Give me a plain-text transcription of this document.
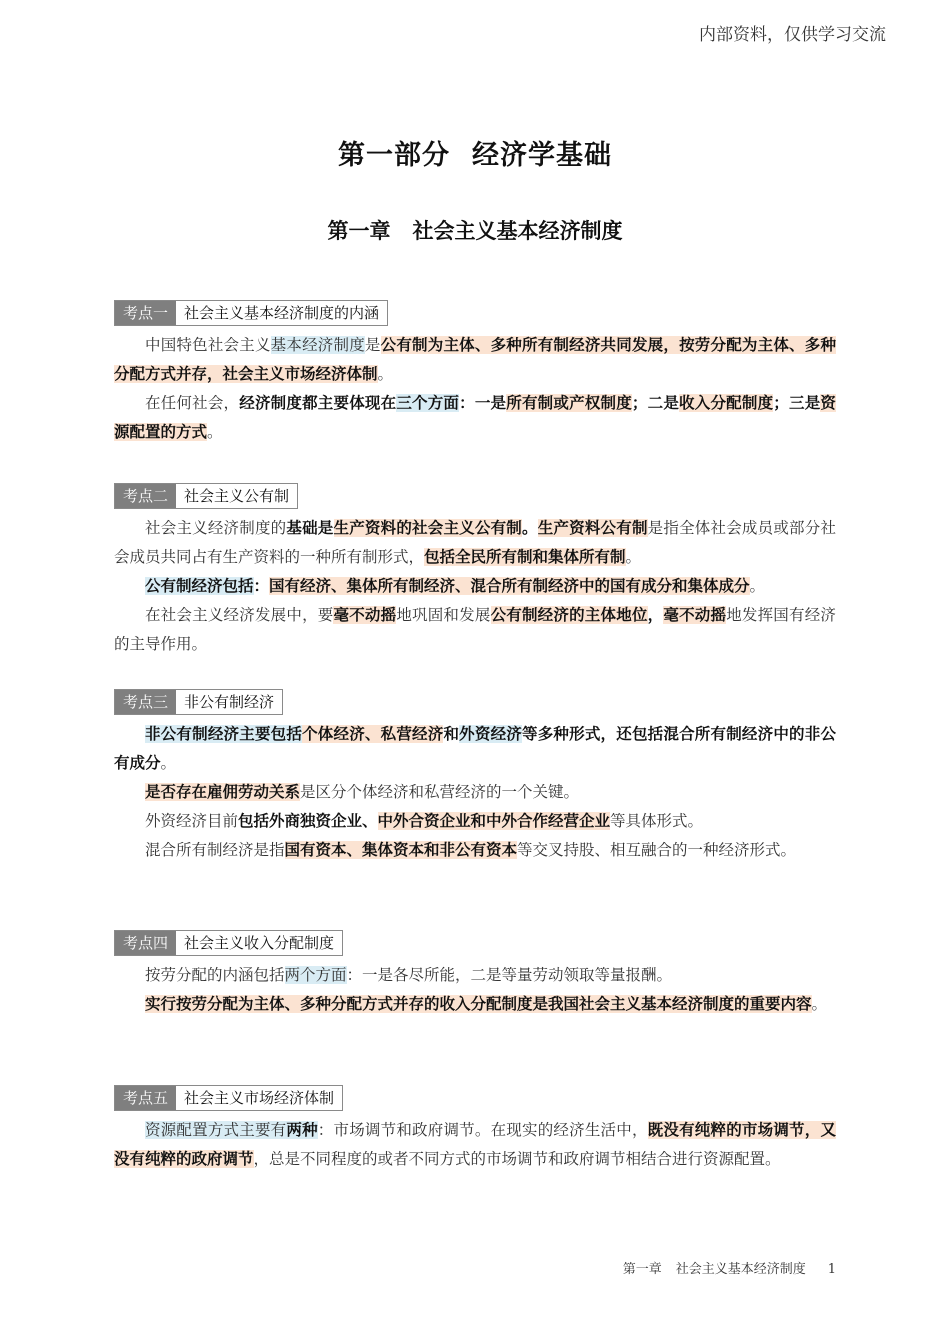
内部资料，仅供学习交流
第一部分 经济学基础
第一章 社会主义基本经济制度
考点一	社会主义基本经济制度的内涵

中国特色社会主义基本经济制度是公有制为主体、多种所有制经济共同发展，按劳分配为主体、多种分配方式并存，社会主义市场经济体制。

在任何社会，经济制度都主要体现在三个方面：一是所有制或产权制度；二是收入分配制度；三是资源配置的方式。

考点二	社会主义公有制

社会主义经济制度的基础是生产资料的社会主义公有制。生产资料公有制是指全体社会成员或部分社会成员共同占有生产资料的一种所有制形式，包括全民所有制和集体所有制。

公有制经济包括：国有经济、集体所有制经济、混合所有制经济中的国有成分和集体成分。

在社会主义经济发展中，要毫不动摇地巩固和发展公有制经济的主体地位，毫不动摇地发挥国有经济的主导作用。

考点三	非公有制经济

非公有制经济主要包括个体经济、私营经济和外资经济等多种形式，还包括混合所有制经济中的非公有成分。

是否存在雇佣劳动关系是区分个体经济和私营经济的一个关键。

外资经济目前包括外商独资企业、中外合资企业和中外合作经营企业等具体形式。

混合所有制经济是指国有资本、集体资本和非公有资本等交叉持股、相互融合的一种经济形式。

考点四	社会主义收入分配制度

按劳分配的内涵包括两个方面：一是各尽所能，二是等量劳动领取等量报酬。

实行按劳分配为主体、多种分配方式并存的收入分配制度是我国社会主义基本经济制度的重要内容。

考点五	社会主义市场经济体制

资源配置方式主要有两种：市场调节和政府调节。在现实的经济生活中，既没有纯粹的市场调节，又没有纯粹的政府调节，总是不同程度的或者不同方式的市场调节和政府调节相结合进行资源配置。

第一章 社会主义基本经济制度 1
